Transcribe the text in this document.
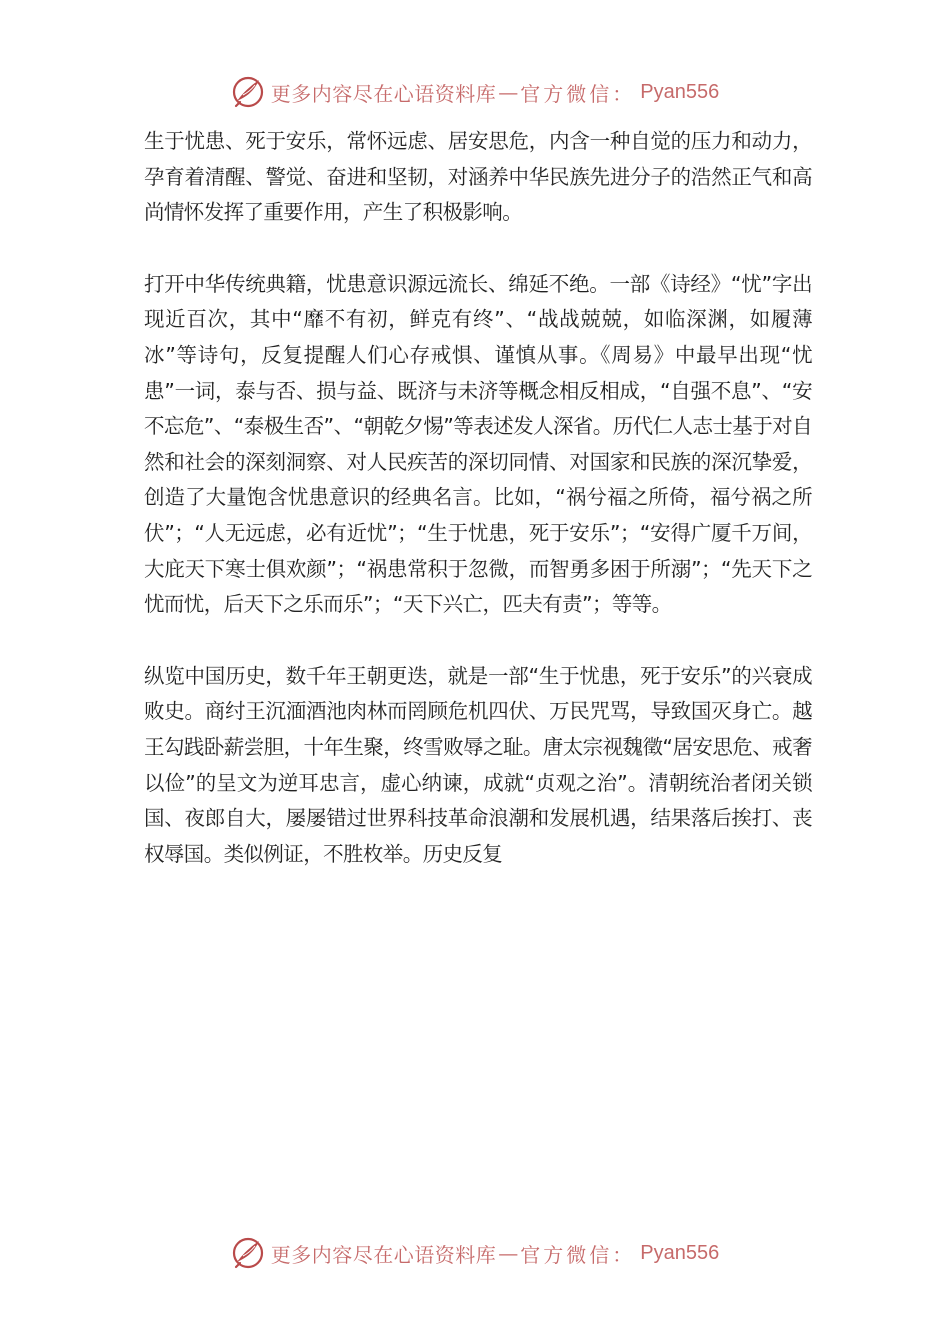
更多内容尽在心语资料库 — 官方微信 ： Pyan556

生于忧患、死于安乐，常怀远虑、居安思危，内含一种自觉的压力和动力，孕育着清醒、警觉、奋进和坚韧，对涵养中华民族先进分子的浩然正气和高尚情怀发挥了重要作用，产生了积极影响。

打开中华传统典籍，忧患意识源远流长、绵延不绝。一部《诗经》“忧”字出现近百次，其中“靡不有初，鲜克有终”、“战战兢兢，如临深渊，如履薄冰”等诗句，反复提醒人们心存戒惧、谨慎从事。《周易》中最早出现“忧患”一词，泰与否、损与益、既济与未济等概念相反相成，“自强不息”、“安不忘危”、“泰极生否”、“朝乾夕惕”等表述发人深省。历代仁人志士基于对自然和社会的深刻洞察、对人民疾苦的深切同情、对国家和民族的深沉挚爱，创造了大量饱含忧患意识的经典名言。比如，“祸兮福之所倚，福兮祸之所伏”；“人无远虑，必有近忧”；“生于忧患，死于安乐”；“安得广厦千万间，大庇天下寒士俱欢颜”；“祸患常积于忽微，而智勇多困于所溺”；“先天下之忧而忧，后天下之乐而乐”；“天下兴亡，匹夫有责”；等等。

纵览中国历史，数千年王朝更迭，就是一部“生于忧患，死于安乐”的兴衰成败史。商纣王沉湎酒池肉林而罔顾危机四伏、万民咒骂，导致国灭身亡。越王勾践卧薪尝胆，十年生聚，终雪败辱之耻。唐太宗视魏徵“居安思危、戒奢以俭”的呈文为逆耳忠言，虚心纳谏，成就“贞观之治”。清朝统治者闭关锁国、夜郎自大，屡屡错过世界科技革命浪潮和发展机遇，结果落后挨打、丧权辱国。类似例证，不胜枚举。历史反复

更多内容尽在心语资料库 — 官方微信 ： Pyan556
